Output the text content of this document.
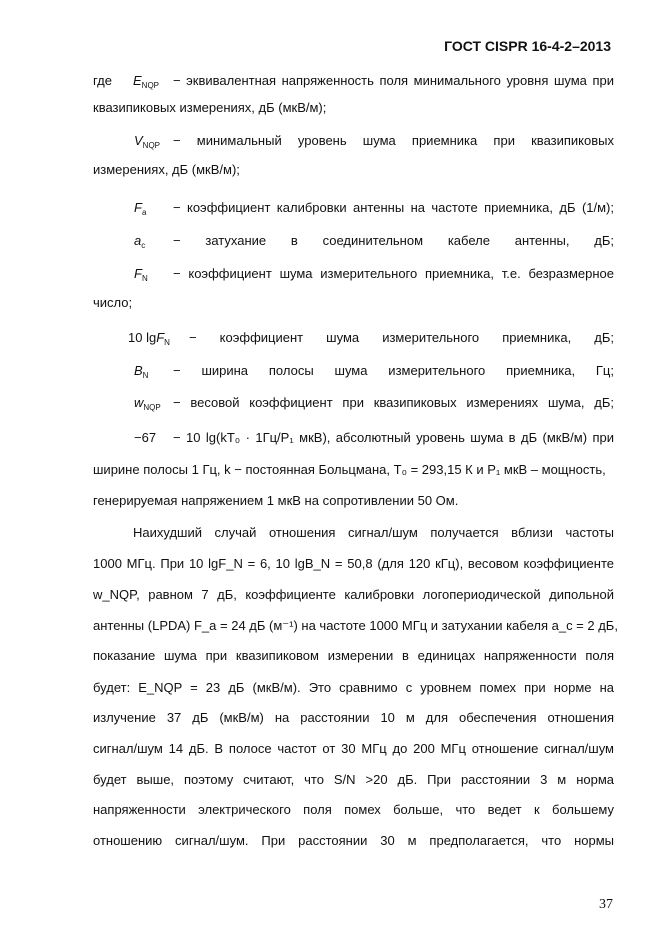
ГОСТ CISPR 16-4-2–2013
где $E_{NQP}$ − эквивалентная напряженность поля минимального уровня шума при
квазипиковых измерениях, дБ (мкВ/м);
$V_{NQP}$ − минимальный уровень шума приемника при квазипиковых
измерениях, дБ (мкВ/м);
$F_a$ − коэффициент калибровки антенны на частоте приемника, дБ (1/м);
$a_c$ − затухание в соединительном кабеле антенны, дБ;
$F_N$ − коэффициент шума измерительного приемника, т.е. безразмерное
число;
10 lgF$_N$ − коэффициент шума измерительного приемника, дБ;
$B_N$ − ширина полосы шума измерительного приемника, Гц;
$w_{NQP}$ − весовой коэффициент при квазипиковых измерениях шума, дБ;
−67 − 10 lg(kT₀ · 1Гц/P₁ мкВ), абсолютный уровень шума в дБ (мкВ/м) при
ширине полосы 1 Гц, k − постоянная Больцмана, T₀ = 293,15 К и P₁ мкВ – мощность,
генерируемая напряжением 1 мкВ на сопротивлении 50 Ом.
Наихудший случай отношения сигнал/шум получается вблизи частоты
1000 МГц. При 10 lgF_N = 6, 10 lgB_N = 50,8 (для 120 кГц), весовом коэффициенте
w_NQP, равном 7 дБ, коэффициенте калибровки логопериодической дипольной
антенны (LPDA) F_a = 24 дБ (м⁻¹) на частоте 1000 МГц и затухании кабеля a_c = 2 дБ,
показание шума при квазипиковом измерении в единицах напряженности поля
будет: E_NQP = 23 дБ (мкВ/м). Это сравнимо с уровнем помех при норме на
излучение 37 дБ (мкВ/м) на расстоянии 10 м для обеспечения отношения
сигнал/шум 14 дБ. В полосе частот от 30 МГц до 200 МГц отношение сигнал/шум
будет выше, поэтому считают, что S/N >20 дБ. При расстоянии 3 м норма
напряженности электрического поля помех больше, что ведет к большему
отношению сигнал/шум. При расстоянии 30 м предполагается, что нормы
37
